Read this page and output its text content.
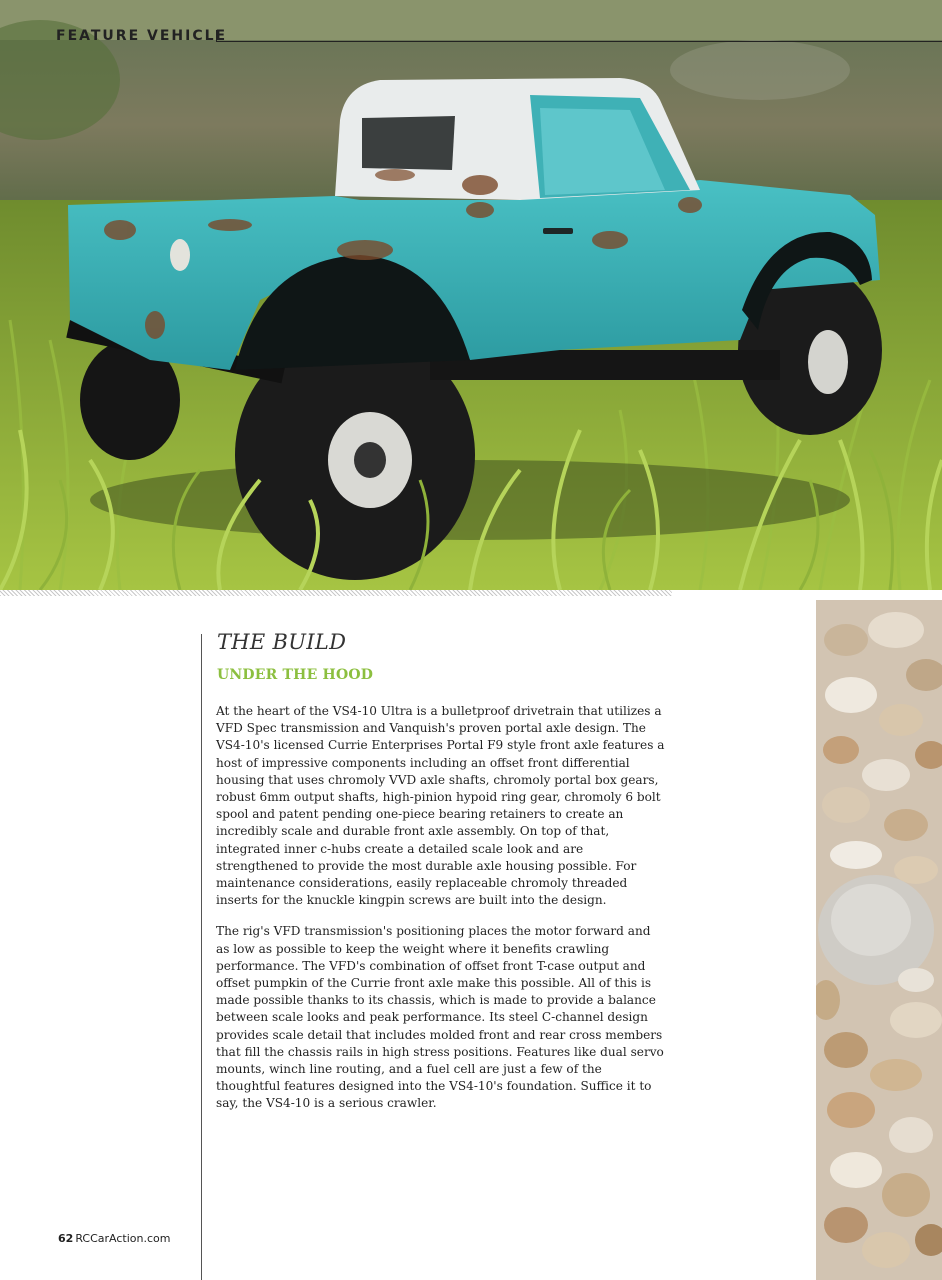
FEATURE VEHICLE
THE BUILD
UNDER THE HOOD

At the heart of the VS4-10 Ultra is a bulletproof drivetrain that utilizes a VFD Spec transmission and Vanquish's proven portal axle design. The VS4-10's licensed Currie Enterprises Portal F9 style front axle features a host of impressive components including an offset front differential housing that uses chromoly VVD axle shafts, chromoly portal box gears, robust 6mm output shafts, high-pinion hypoid ring gear, chromoly 6 bolt spool and patent pending one-piece bearing retainers to create an incredibly scale and durable front axle assembly. On top of that, integrated inner c-hubs create a detailed scale look and are strengthened to provide the most durable axle housing possible. For maintenance considerations, easily replaceable chromoly threaded inserts for the knuckle kingpin screws are built into the design.

The rig's VFD transmission's positioning places the motor forward and as low as possible to keep the weight where it benefits crawling performance. The VFD's combination of offset front T-case output and offset pumpkin of the Currie front axle make this possible. All of this is made possible thanks to its chassis, which is made to provide a balance between scale looks and peak performance. Its steel C-channel design provides scale detail that includes molded front and rear cross members that fill the chassis rails in high stress positions. Features like dual servo mounts, winch line routing, and a fuel cell are just a few of the thoughtful features designed into the VS4-10's foundation. Suffice it to say, the VS4-10 is a serious crawler.

62 RCCarAction.com
